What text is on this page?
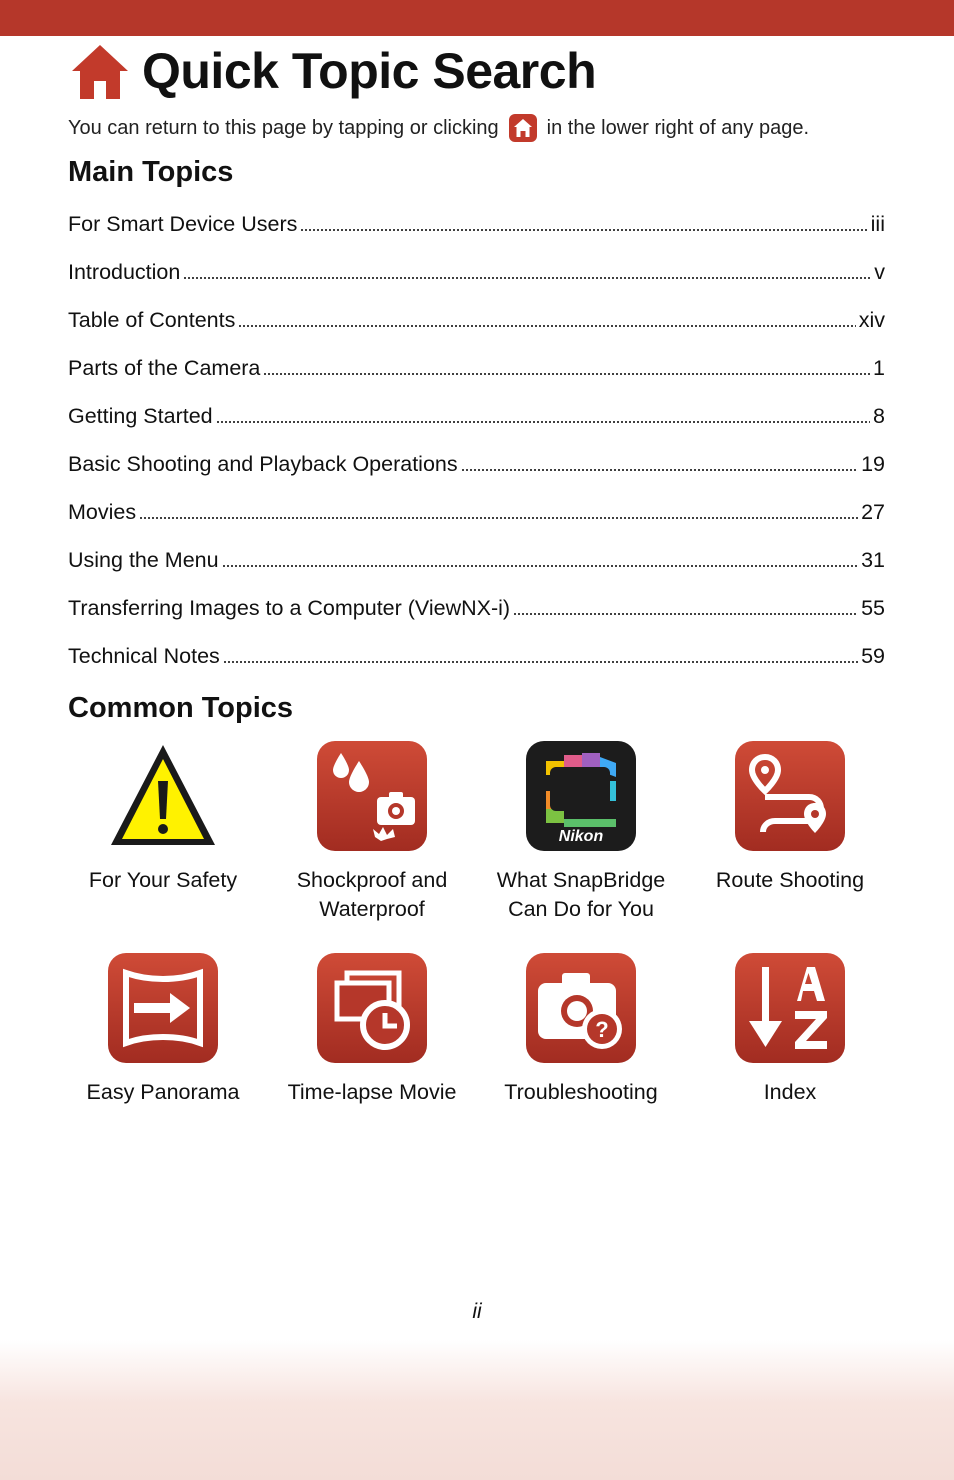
Quick Topic Search
You can return to this page by tapping or clicking in the lower right of any page.
Main Topics
For Smart Device Users	iii
Introduction	v
Table of Contents	xiv
Parts of the Camera	1
Getting Started	8
Basic Shooting and Playback Operations	19
Movies	27
Using the Menu	31
Transferring Images to a Computer (ViewNX-i)	55
Technical Notes	59
Common Topics
For Your Safety	Shockproof and
Waterproof
Nikon
What SnapBridge
Can Do for You
Route Shooting
Easy Panorama	Time-lapse Movie
?
Troubleshooting	Index
ii
